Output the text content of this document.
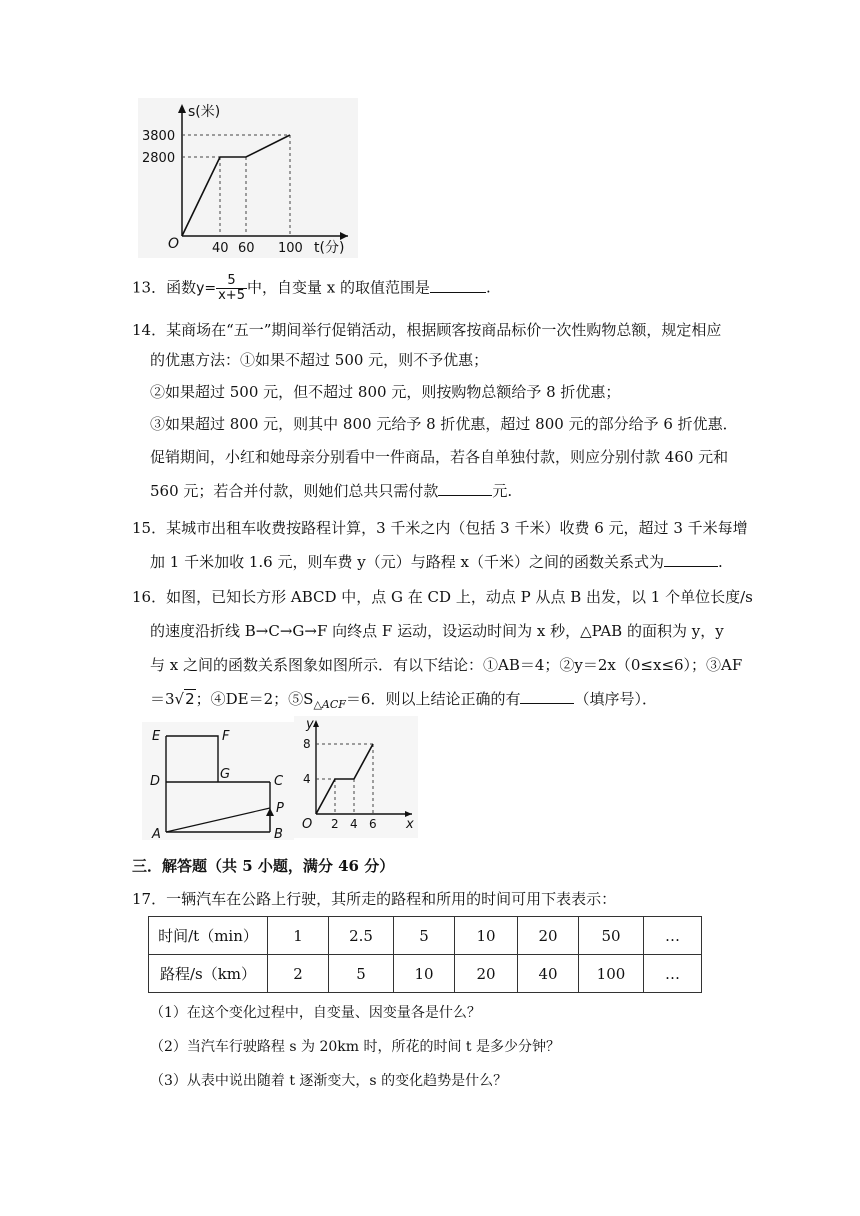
s(米)
t(分)
O
3800
2800
40 60 100
13．函数$y= \frac{5}{x+5}$ 中，自变量 x 的取值范围是	.
14．某商场在“五一”期间举行促销活动，根据顾客按商品标价一次性购物总额，规定相应
的优惠方法：①如果不超过 500 元，则不予优惠；
②如果超过 500 元，但不超过 800 元，则按购物总额给予 8 折优惠；
③如果超过 800 元，则其中 800 元给予 8 折优惠，超过 800 元的部分给予 6 折优惠．
促销期间，小红和她母亲分别看中一件商品，若各自单独付款，则应分别付款 460 元和
560 元；若合并付款，则她们总共只需付款	元.
15．某城市出租车收费按路程计算，3 千米之内（包括 3 千米）收费 6 元，超过 3 千米每增
加 1 千米加收 1.6 元，则车费 y（元）与路程 x（千米）之间的函数关系式为	.
16．如图，已知长方形 ABCD 中，点 G 在 CD 上，动点 P 从点 B 出发，以 1 个单位长度/s
的速度沿折线 B→C→G→F 向终点 F 运动，设运动时间为 x 秒，△PAB 的面积为 y，y
与 x 之间的函数关系图象如图所示．有以下结论：①AB＝4；②y＝2x（0≤x≤6）；③AF
＝3√2；④DE＝2；$⑤S_{\triangle ACF}=6$．则以上结论正确的有	（填序号）．
E	F
D	G	C
P
A	B
y
x
O
8
4
2 4 6
三．解答题（共 5 小题，满分 46 分）
17．一辆汽车在公路上行驶，其所走的路程和所用的时间可用下表表示：
时间/t（min）	1	2.5	5	10	20	50	…
路程/s（km）	2	5	10	20	40	100	…
（1）在这个变化过程中，自变量、因变量各是什么？
（2）当汽车行驶路程 s 为 20km 时，所花的时间 t 是多少分钟？
（3）从表中说出随着 t 逐渐变大，s 的变化趋势是什么？
